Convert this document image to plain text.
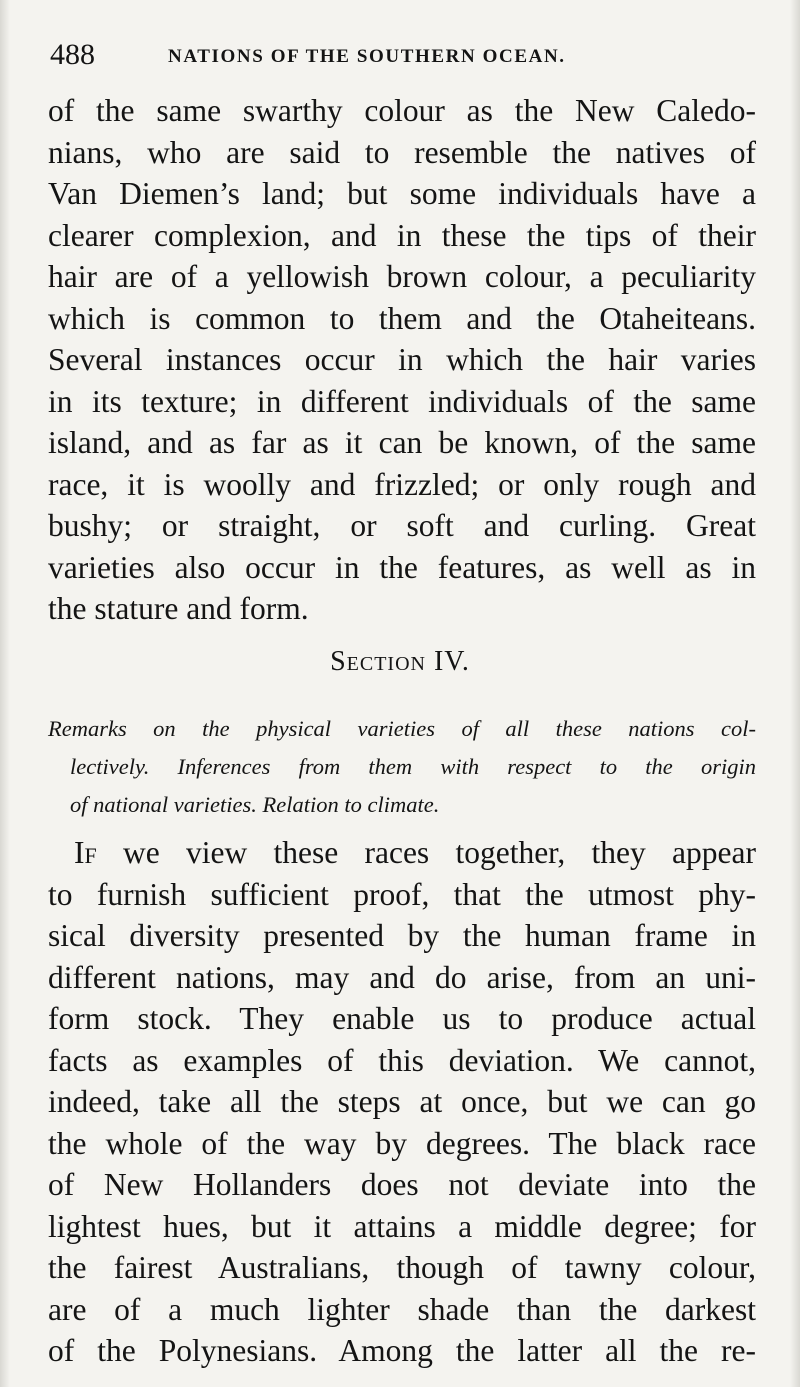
488	NATIONS OF THE SOUTHERN OCEAN.
of the same swarthy colour as the New Caledo-
nians, who are said to resemble the natives of
Van Diemen’s land; but some individuals have a
clearer complexion, and in these the tips of their
hair are of a yellowish brown colour, a peculiarity
which is common to them and the Otaheiteans.
Several instances occur in which the hair varies
in its texture; in different individuals of the same
island, and as far as it can be known, of the same
race, it is woolly and frizzled; or only rough and
bushy; or straight, or soft and curling. Great
varieties also occur in the features, as well as in
the stature and form.
Section IV.
Remarks on the physical varieties of all these nations col-
lectively. Inferences from them with respect to the origin
of national varieties. Relation to climate.
If we view these races together, they appear
to furnish sufficient proof, that the utmost phy-
sical diversity presented by the human frame in
different nations, may and do arise, from an uni-
form stock. They enable us to produce actual
facts as examples of this deviation. We cannot,
indeed, take all the steps at once, but we can go
the whole of the way by degrees. The black race
of New Hollanders does not deviate into the
lightest hues, but it attains a middle degree; for
the fairest Australians, though of tawny colour,
are of a much lighter shade than the darkest
of the Polynesians. Among the latter all the re-
